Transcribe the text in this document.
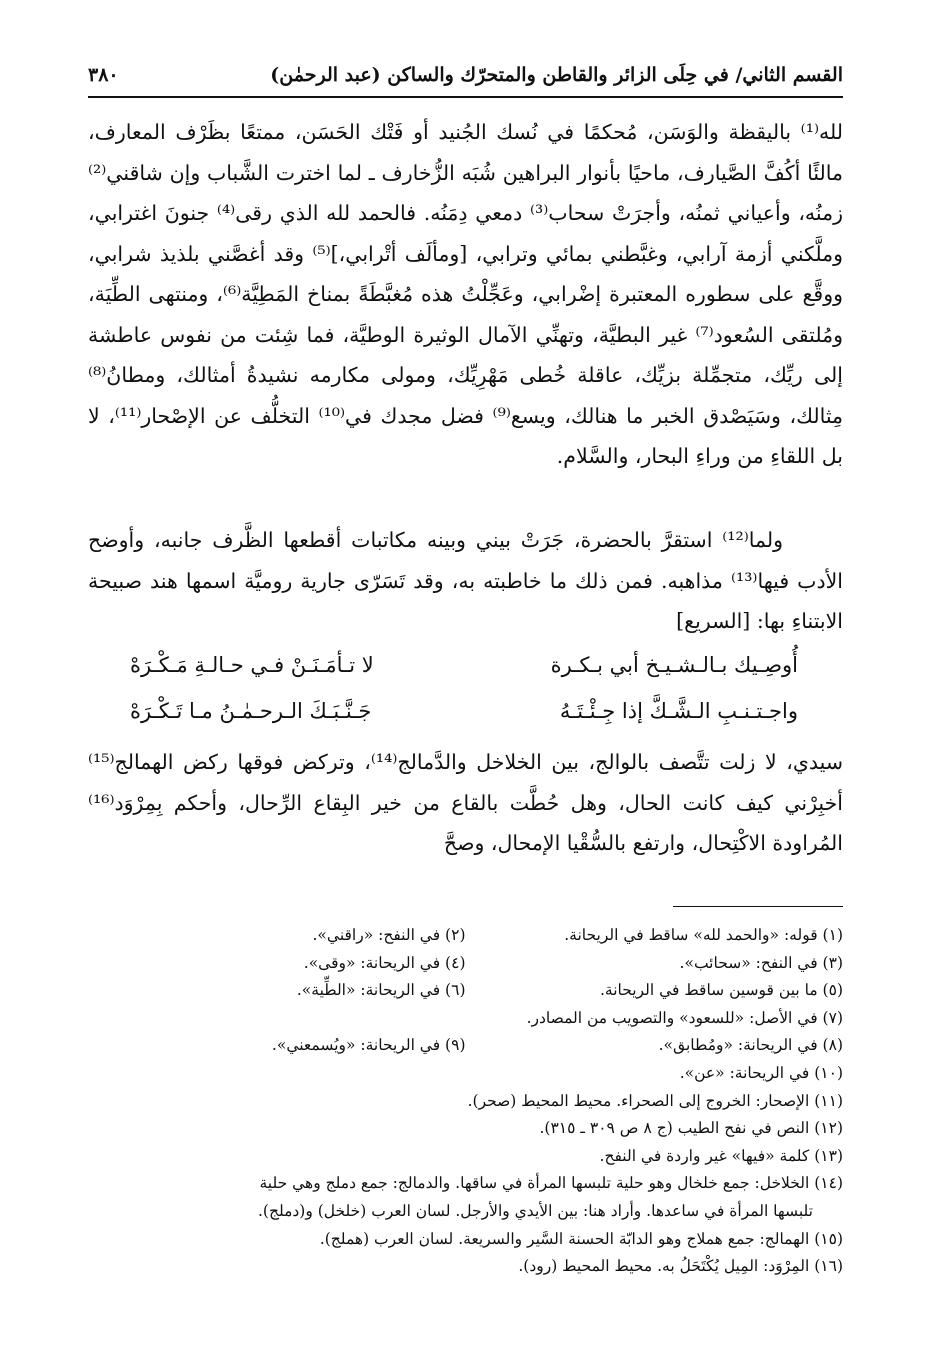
القسم الثاني/ في حِلَى الزائر والقاطن والمتحرّك والساكن (عبد الرحمٰن)
٣٨٠

لله⁽¹⁾ باليقظة والوَسَن، مُحكمًا في نُسك الجُنيد أو فَتْك الحَسَن، ممتعًا بظَرْف المعارف، مالئًا أكُفَّ الصَّيارف، ماحيًا بأنوار البراهين شُبَه الزُّخارف ـ لما اخترت الشَّباب وإن شاقني⁽²⁾ زمنُه، وأعياني ثمنُه، وأجرَتْ سحاب⁽³⁾ دمعي دِمَنُه. فالحمد لله الذي رقى⁽⁴⁾ جنونَ اغترابي، وملَّكني أزمة آرابي، وغبَّطني بمائي وترابي، [ومألَف أتْرابي،]⁽⁵⁾ وقد أغصَّني بلذيذ شرابي، ووقَّع على سطوره المعتبرة إضْرابي، وعَجِّلْتُ هذه مُغبَّطَةً بمناخ المَطِيَّة⁽⁶⁾، ومنتهى الطِّيَة، ومُلتقى السُعود⁽⁷⁾ غير البطيَّة، وتهنِّي الآمال الوثيرة الوطيَّة، فما شِئت من نفوس عاطشة إلى ريِّك، متجمِّلة بزيِّك، عاقلة خُطى مَهْرِيِّك، ومولى مكارمه نشيدةُ أمثالك، ومطانُ⁽⁸⁾ مِثالك، وسَيَصْدق الخبر ما هنالك، ويسع⁽⁹⁾ فضل مجدك في⁽¹⁰⁾ التخلُّف عن الإصْحار⁽¹¹⁾، لا بل اللقاءِ من وراءِ البحار، والسَّلام.

ولما⁽¹²⁾ استقرَّ بالحضرة، جَرَتْ بيني وبينه مكاتبات أقطعها الظَّرف جانبه، وأوضح الأدب فيها⁽¹³⁾ مذاهبه. فمن ذلك ما خاطبته به، وقد تَسَرّى جارية روميَّة اسمها هند صبيحة الابتناءِ بها: [السريع]

أُوصِـيك بـالـشـيـخ أبي بـكـرة
لا تـأمَـنَـنْ فـي حـالـةِ مَـكْـرَهْ
واجـتـنـبِ الـشَّـكَّ إذا جِـئْـتَـهُ
جَـنَّـبَـكَ الـرحـمٰـنُ مـا تَـكْـرَهْ

سيدي، لا زلت تتَّصف بالوالج، بين الخلاخل والدَّمالج⁽¹⁴⁾، وتركض فوقها ركض الهمالج⁽¹⁵⁾ أخبِرْني كيف كانت الحال، وهل حُطَّت بالقاع من خير البِقاع الرِّحال، وأحكم بِمِرْوَد⁽¹⁶⁾ المُراودة الاكْتِحال، وارتفع بالسُّقْيا الإمحال، وصحَّ

(١) قوله: «والحمد لله» ساقط في الريحانة.
(٢) في النفح: «راقني».
(٣) في النفح: «سحائب».
(٤) في الريحانة: «وقى».
(٥) ما بين قوسين ساقط في الريحانة.
(٦) في الريحانة: «الطِّية».
(٧) في الأصل: «للسعود» والتصويب من المصادر.
(٨) في الريحانة: «ومُطابق».
(٩) في الريحانة: «ويُسمعني».
(١٠) في الريحانة: «عن».
(١١) الإصحار: الخروج إلى الصحراء. محيط المحيط (صحر).
(١٢) النص في نفح الطيب (ج ٨ ص ٣٠٩ ـ ٣١٥).
(١٣) كلمة «فيها» غير واردة في النفح.
(١٤) الخلاخل: جمع خلخال وهو حلية تلبسها المرأة في ساقها. والدمالج: جمع دملج وهي حلية
تلبسها المرأة في ساعدها. وأراد هنا: بين الأيدي والأرجل. لسان العرب (خلخل) و(دملج).
(١٥) الهمالج: جمع هملاج وهو الدابّة الحسنة السَّير والسريعة. لسان العرب (هملج).
(١٦) المِرْوَد: المِيل يُكْتَحَلُ به. محيط المحيط (رود).
